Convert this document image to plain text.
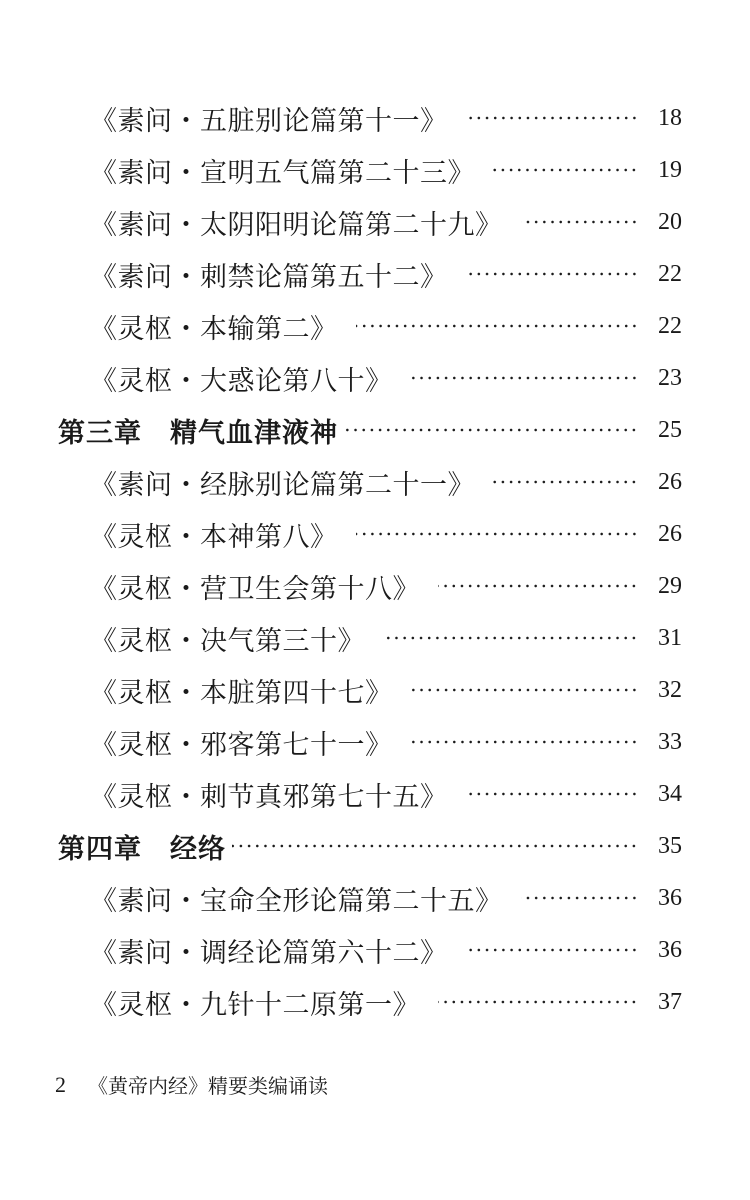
《素问・五脏别论篇第十一》	18
《素问・宣明五气篇第二十三》	19
《素问・太阴阳明论篇第二十九》	20
《素问・刺禁论篇第五十二》	22
《灵枢・本输第二》	22
《灵枢・大惑论第八十》	23
第三章　精气血津液神	25
《素问・经脉别论篇第二十一》	26
《灵枢・本神第八》	26
《灵枢・营卫生会第十八》	29
《灵枢・决气第三十》	31
《灵枢・本脏第四十七》	32
《灵枢・邪客第七十一》	33
《灵枢・刺节真邪第七十五》	34
第四章　经络	35
《素问・宝命全形论篇第二十五》	36
《素问・调经论篇第六十二》	36
《灵枢・九针十二原第一》	37
2 《黄帝内经》精要类编诵读
